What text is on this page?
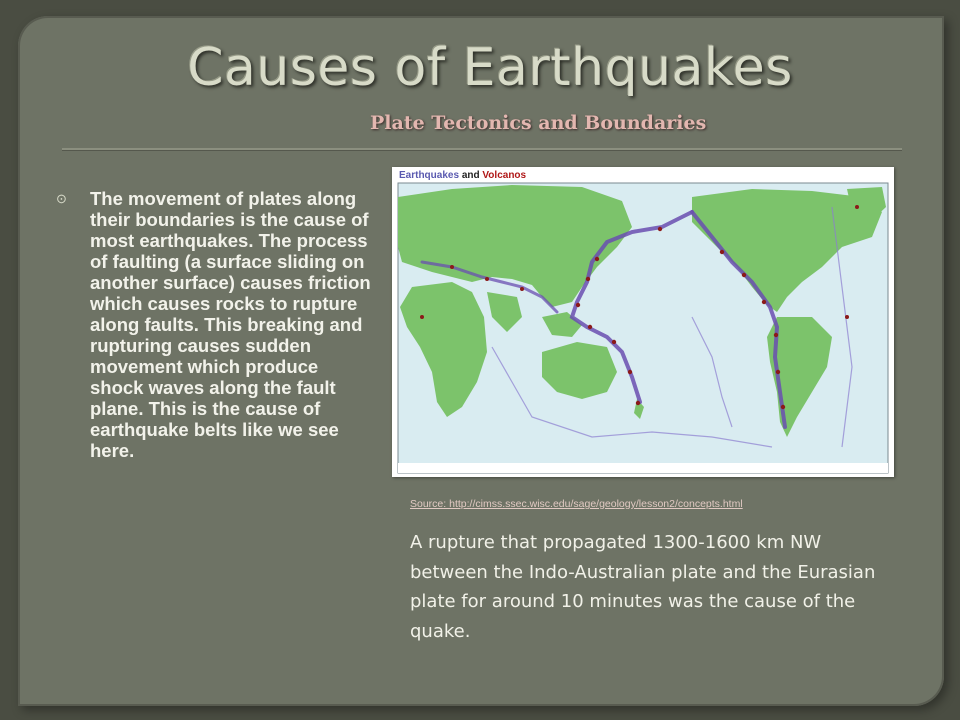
Causes of Earthquakes
Plate Tectonics and Boundaries
⊙ The movement of plates along their boundaries is the cause of most earthquakes. The process of faulting (a surface sliding on another surface) causes friction which causes rocks to rupture along faults. This breaking and rupturing causes sudden movement which produce shock waves along the fault plane. This is the cause of earthquake belts like we see here.
Earthquakes and Volcanos
Source: http://cimss.ssec.wisc.edu/sage/geology/lesson2/concepts.html
A rupture that propagated 1300-1600 km NW between the Indo-Australian plate and the Eurasian plate for around 10 minutes was the cause of the quake.
